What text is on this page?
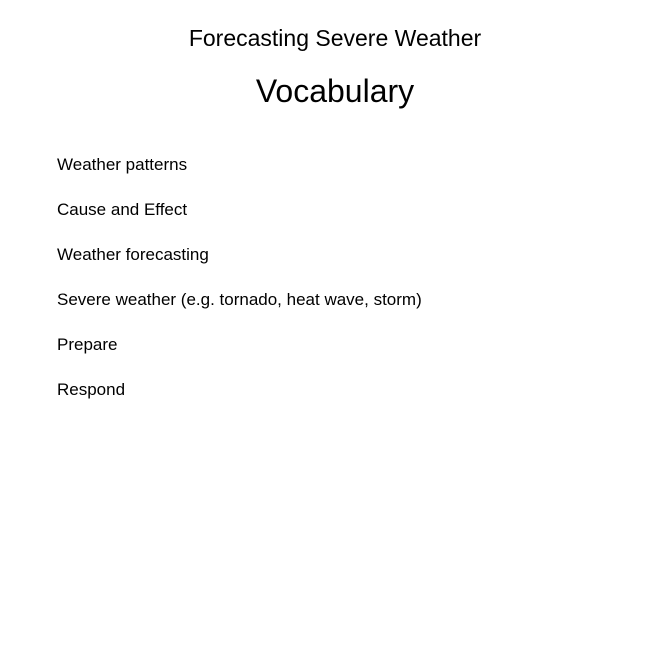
Forecasting Severe Weather
Vocabulary
Weather patterns
Cause and Effect
Weather forecasting
Severe weather (e.g. tornado, heat wave, storm)
Prepare
Respond
